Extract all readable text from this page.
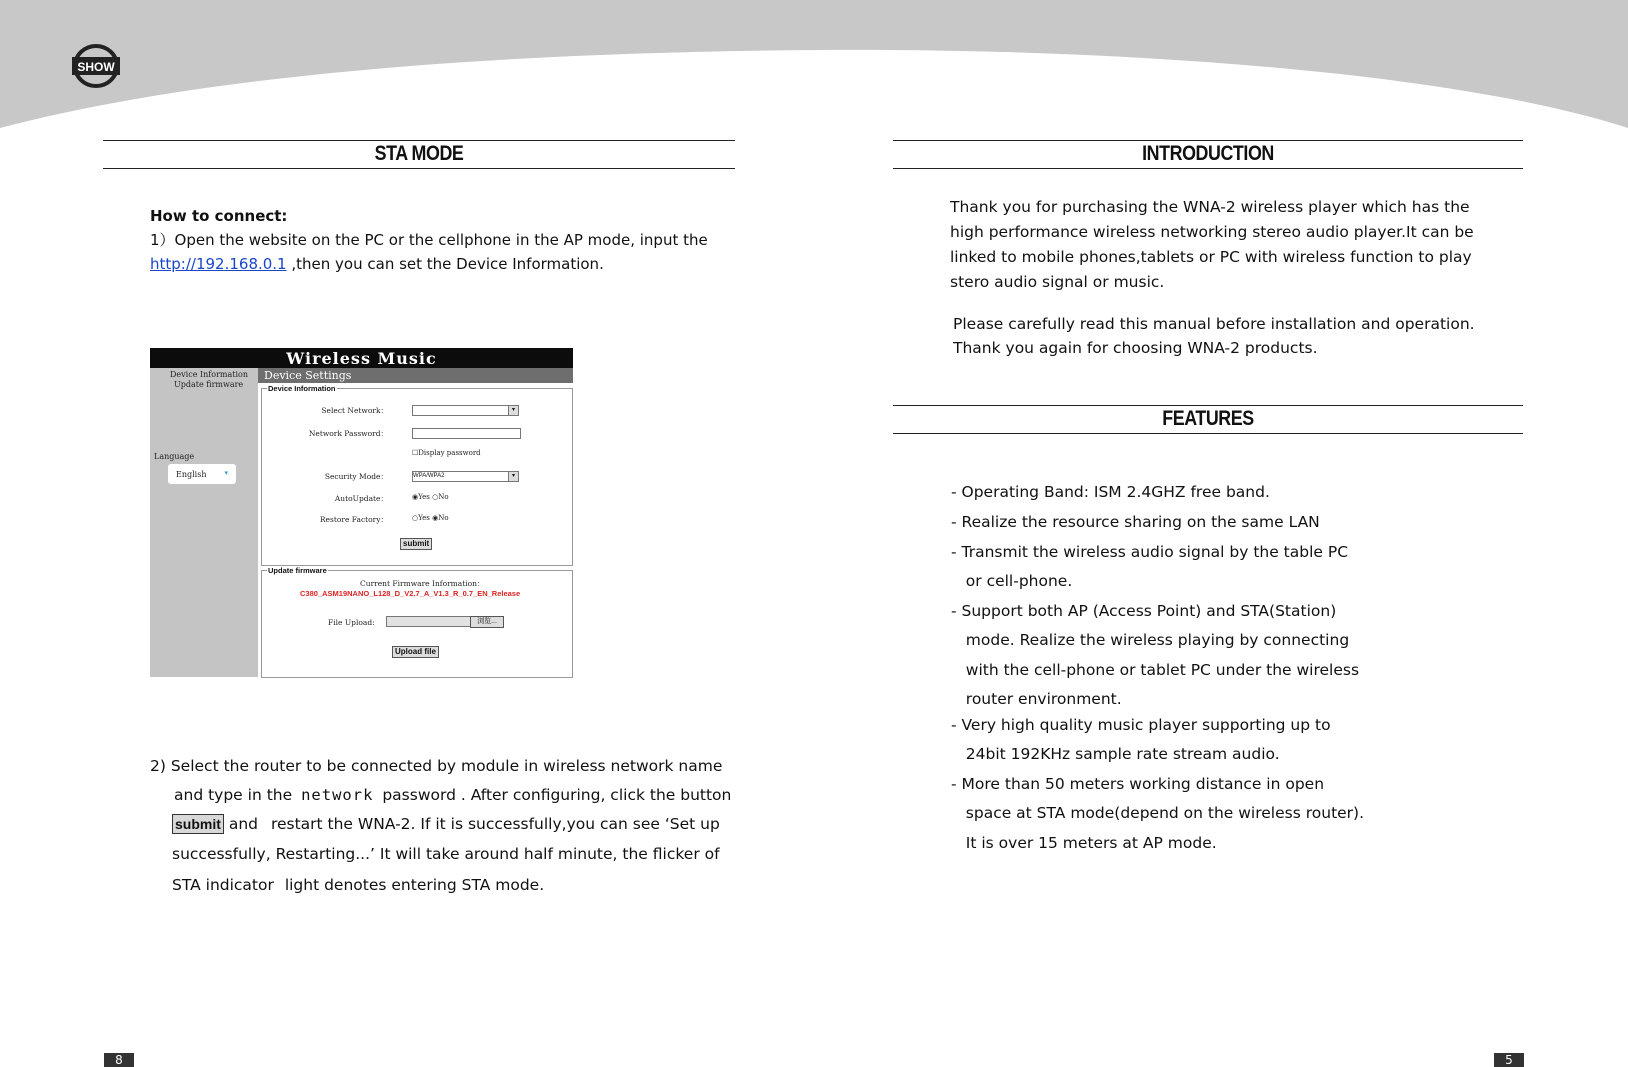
SHOW
STA MODE
How to connect:
1）Open the website on the PC or the cellphone in the AP mode, input the
http://192.168.0.1 ,then you can set the Device Information.
Wireless Music
Device Information
Update firmware
Language
English	▾
Device Settings
Device Information
Select Network：	▾
Network Password：
☐Display password
Security Mode：	WPA/WPA2	▾
AutoUpdate：	◉Yes ○No
Restore Factory：	○Yes ◉No
submit
Update firmware
Current Firmware Information：
C380_ASM19NANO_L128_D_V2.7_A_V1.3_R_0.7_EN_Release
File Upload:	浏览...
Upload file
2) Select the router to be connected by module in wireless network name
and type in the network password . After configuring, click the button
submit and restart the WNA-2. If it is successfully,you can see ‘Set up
successfully, Restarting...’ It will take around half minute, the flicker of
STA indicator light denotes entering STA mode.
8
INTRODUCTION
Thank you for purchasing the WNA-2 wireless player which has the
high performance wireless networking stereo audio player.It can be
linked to mobile phones,tablets or PC with wireless function to play
stero audio signal or music.
Please carefully read this manual before installation and operation.
Thank you again for choosing WNA-2 products.
FEATURES
- Operating Band: ISM 2.4GHZ free band.
- Realize the resource sharing on the same LAN
- Transmit the wireless audio signal by the table PC
or cell-phone.
- Support both AP (Access Point) and STA(Station)
mode. Realize the wireless playing by connecting
with the cell-phone or tablet PC under the wireless
router environment.
- Very high quality music player supporting up to
24bit 192KHz sample rate stream audio.
- More than 50 meters working distance in open
space at STA mode(depend on the wireless router).
It is over 15 meters at AP mode.
5
